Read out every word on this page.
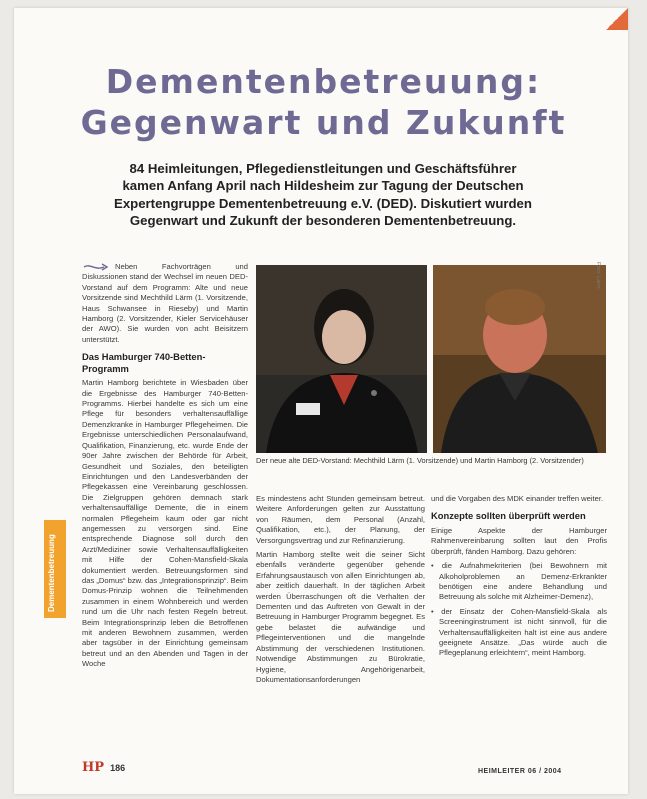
Dementenbetreuung:
Gegenwart und Zukunft
84 Heimleitungen, Pflegedienstleitungen und Geschäftsführer
kamen Anfang April nach Hildesheim zur Tagung der Deutschen
Expertengruppe Dementenbetreuung e.V. (DED). Diskutiert wurden
Gegenwart und Zukunft der besonderen Dementenbetreuung.

Neben Fachvorträgen und Diskussionen stand der Wechsel im neuen DED-Vorstand auf dem Programm: Alte und neue Vorsitzende sind Mechthild Lärm (1. Vorsitzende, Haus Schwansee in Rieseby) und Martin Hamborg (2. Vorsitzender, Kieler Servicehäuser der AWO). Sie wurden von acht Beisitzern unterstützt.

Das Hamburger 740-Betten-Programm

Martin Hamborg berichtete in Wiesbaden über die Ergebnisse des Hamburger 740-Betten-Programms. Hierbei handelte es sich um eine Pflege für besonders verhaltensauffällige Demenzkranke in Hamburger Pflegeheimen. Die Ergebnisse unterschiedlichen Personalaufwand, Qualifikation, Finanzierung, etc. wurde Ende der 90er Jahre zwischen der Behörde für Arbeit, Gesundheit und Soziales, den beteiligten Einrichtungen und den Landesverbänden der Pflegekassen eine Vereinbarung geschlossen. Die Zielgruppen gehören demnach stark verhaltensauffällige Demente, die in einem normalen Pflegeheim kaum oder gar nicht angemessen zu versorgen sind. Eine entsprechende Diagnose soll durch den Arzt/Mediziner sowie Verhaltensauffälligkeiten mit Hilfe der Cohen-Mansfield-Skala dokumentiert werden. Betreuungsformen sind das „Domus“ bzw. das „Integrationsprinzip“. Beim Domus-Prinzip wohnen die Teilnehmenden zusammen in einem Wohnbereich und werden rund um die Uhr nach festen Regeln betreut. Beim Integrationsprinzip leben die Betroffenen mit anderen Bewohnern zusammen, werden aber tagsüber in der Einrichtung gemeinsam betreut und an den Abenden und Tagen in der Woche

Foto: Lärm
Der neue alte DED-Vorstand: Mechthild Lärm (1. Vorsitzende) und Martin Hamborg (2. Vorsitzender)
Dementenbetreuung

Es mindestens acht Stunden gemeinsam betreut. Weitere Anforderungen gelten zur Ausstattung von Räumen, dem Personal (Anzahl, Qualifikation, etc.), der Planung, der Versorgungsvertrag und zur Refinanzierung.

Martin Hamborg stellte weit die seiner Sicht ebenfalls veränderte gegenüber gehende Erfahrungsaustausch von allen Einrichtungen ab, aber zeitlich dauerhaft. In der täglichen Arbeit werden Überraschungen oft die Verhalten der Dementen und das Auftreten von Gewalt in der Betreuung in Hamburger Programm begegnet. Es gebe belastet die aufwändige und Pflegeinterventionen und die mangelnde Abstimmung der verschiedenen Institutionen. Notwendige Abstimmungen zu Bürokratie, Hygiene, Angehörigenarbeit, Dokumentationsanforderungen

und die Vorgaben des MDK einander treffen weiter.

Konzepte sollten überprüft werden

Einige Aspekte der Hamburger Rahmenvereinbarung sollten laut den Profis überprüft, fänden Hamborg. Dazu gehören:

• die Aufnahmekriterien (bei Bewohnern mit Alkoholproblemen an Demenz-Erkrankter benötigen eine andere Behandlung und Betreuung als solche mit Alzheimer-Demenz),

• der Einsatz der Cohen-Mansfield-Skala als Screeninginstrument ist nicht sinnvoll, für die Verhaltensauffälligkeiten halt ist eine aus andere geeignete Ansätze. „Das würde auch die Pflegeplanung erleichtern“, meint Hamborg.

HP 186	HEIMLEITER 06 / 2004
